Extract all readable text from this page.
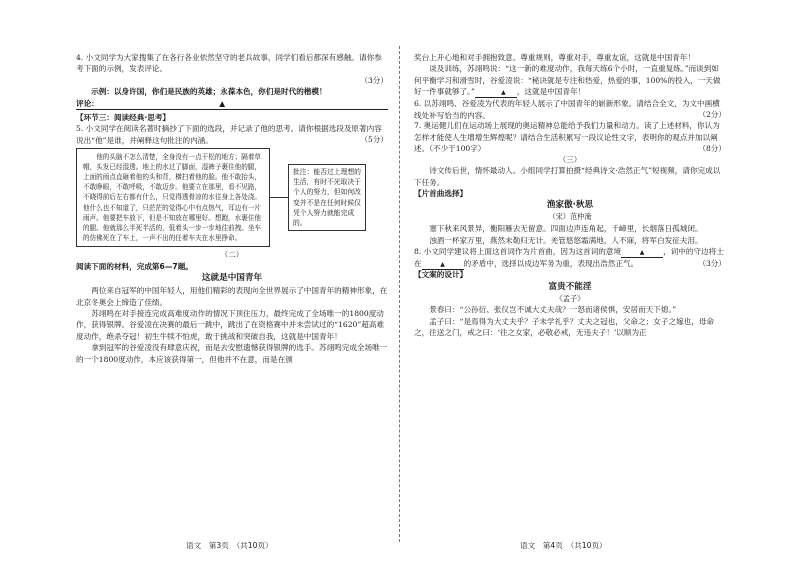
4. 小文同学为大家搜集了在各行各业依然坚守的老兵故事，同学们看后都深有感触。请你参考下面的示例，发表评论。

（3分）

示例：以身许国，你们是民族的英雄；永葆本色，你们是时代的楷模！

评论：	▲

【环节三：阅读经典·思考】

5. 小文同学在阅读名著时摘抄了下面的选段，并记录了他的思考。请你根据选段及原著内容说出“他”是谁，并阐释这句批注的内涵。	（5分）

他的头脑不怎么清楚，全身没有一点干松的地方；隔着草帽，头发已经湿透。地上的水过了脚面，湿裤子裹住他的腿，上面的雨点直砸着他的头和背，横扫着他的脸。他不敢抬头，不敢睁眼，不敢呼吸，不敢迈步。他要立在那里，看不见路，不晓得前后左右都有什么，只觉得透骨凉的水往身上各处浇。他什么也不知道了，只茫茫的觉得心中有点热气，耳边有一片雨声。他要把车放下，但是不知放在哪里好。想跑，水裹住他的腿。他就那么半死半活的，低着头一步一步地往前拽。坐车的仿佛死在了车上，一声不出的任着车夫在水里挣命。
批注：能否过上理想的生活，有时不光取决于个人的努力，但如何改变并不是在任何时候仅凭个人努力就能完成的。

（二）

阅读下面的材料，完成第6—7题。

这就是中国青年

两位来自冠军的中国年轻人，用他们精彩的表现向全世界展示了中国青年的精神形象，在北京冬奥会上缔造了佳绩。

苏翊鸣在对手接连完成高难度动作的情况下顶住压力，最终完成了全场唯一的1800度动作，获得银牌。谷爱凌在决赛的最后一跳中，跳出了在资格赛中并未尝试过的“1620”超高难度动作，绝杀夺冠！初生牛犊不怕虎，敢于挑战和突破自我，这就是中国青年！

拿到冠军的谷爱凌没有肆意庆祝，而是去安慰遗憾获得银牌的选手。苏翊鸣完成全场唯一的一个1800度动作，本应该获得第一，但他并不在意，而是在颁

语文　第3页　（共10页）

奖台上开心地和对手拥抱致意。尊重规则，尊重对手，尊重友谊，这就是中国青年！

谈及训练，苏翊鸣说：“这一新的难度动作，我每天练6个小时，一直重复练。”而谈到如何平衡学习和滑雪时，谷爱凌说：“秘诀就是专注和热爱，热爱的事，100%的投入，一天做好一件事就够了。”	▲ ，这就是中国青年！

6. 以苏翊鸣、谷爱凌为代表的年轻人展示了中国青年的崭新形象。请结合全文，为文中画横线处补写恰当的内容。	（2分）

7. 奥运健儿们在运动场上展现的奥运精神总能给予我们力量和动力。读了上述材料，你认为怎样才能使人生增增生辉煌呢？请结合生活积累写一段议论性文字，表明你的观点并加以阐述。（不少于100字）	（8分）

（三）

诗文传后世，情怀最动人。小组同学打算拍摄“经典诗文·浩然正气”短视频，请你完成以下任务。

【片首曲选择】

渔家傲·秋思

（宋）范仲淹

塞下秋来风景异，衡阳雁去无留意。四面边声连角起，千嶂里，长烟落日孤城闭。

浊酒一杯家万里，燕然未勒归无计。羌管悠悠霜满地，人不寐，将军白发征夫泪。

8. 小文同学建议将上面这首词作为片首曲，因为这首词的意境	▲ ，词中的守边将士在	▲ 的矛盾中，选择以戍边军务为重，表现出浩然正气。	（3分）

【文案的设计】

富贵不能淫

《孟子》

景春曰：“公孙衍、张仪岂不诚大丈夫哉？一怒而诸侯惧，安居而天下熄。”

孟子曰：“是焉得为大丈夫乎？子未学礼乎？丈夫之冠也，父命之；女子之嫁也，母命之，往送之门，戒之曰：‘往之女家，必敬必戒，无违夫子！’以顺为正

语文　第4页　（共10页）
